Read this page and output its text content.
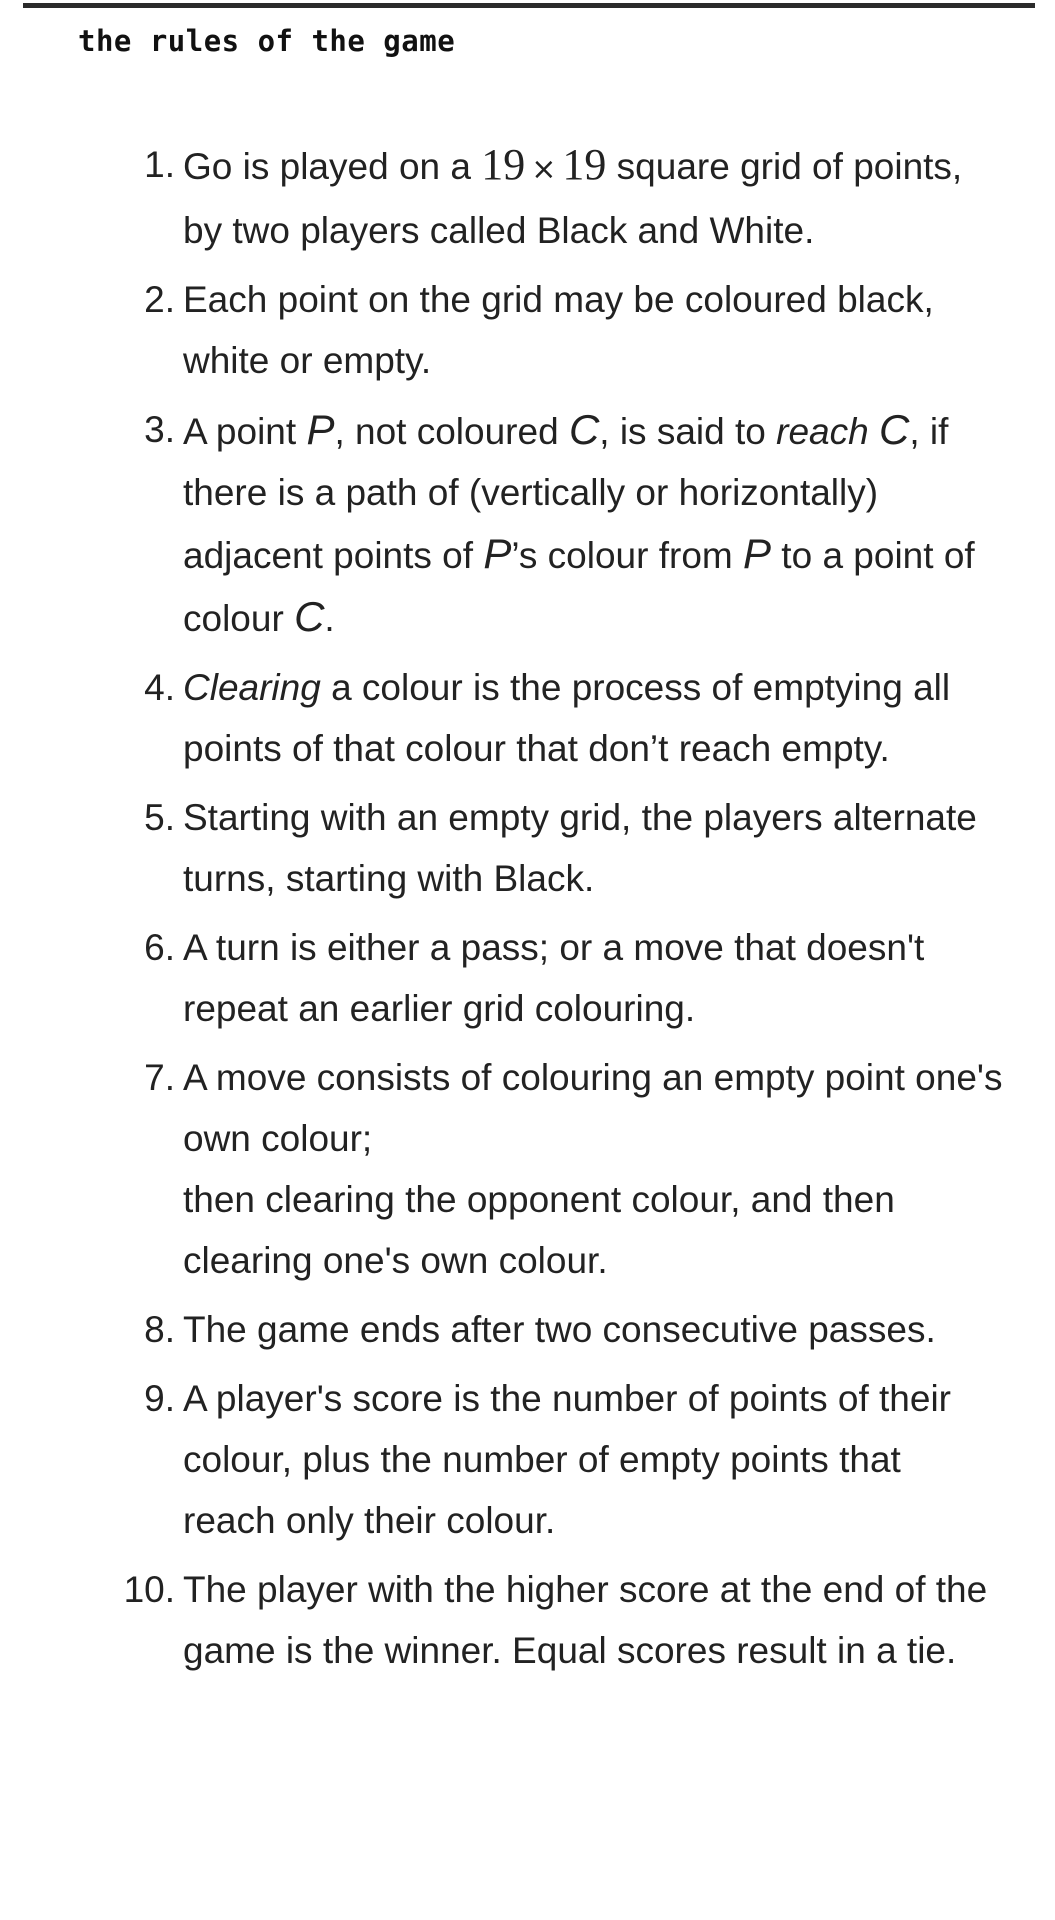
the rules of the game
1. Go is played on a 19 × 19 square grid of points, by two players called Black and White.
2. Each point on the grid may be coloured black, white or empty.
3. A point P, not coloured C, is said to reach C, if there is a path of (vertically or horizontally) adjacent points of P’s colour from P to a point of colour C.
4. Clearing a colour is the process of emptying all points of that colour that don’t reach empty.
5. Starting with an empty grid, the players alternate turns, starting with Black.
6. A turn is either a pass; or a move that doesn't repeat an earlier grid colouring.
7. A move consists of colouring an empty point one's own colour;
then clearing the opponent colour, and then clearing one's own colour.
8. The game ends after two consecutive passes.
9. A player's score is the number of points of their colour, plus the number of empty points that reach only their colour.
10. The player with the higher score at the end of the game is the winner. Equal scores result in a tie.
